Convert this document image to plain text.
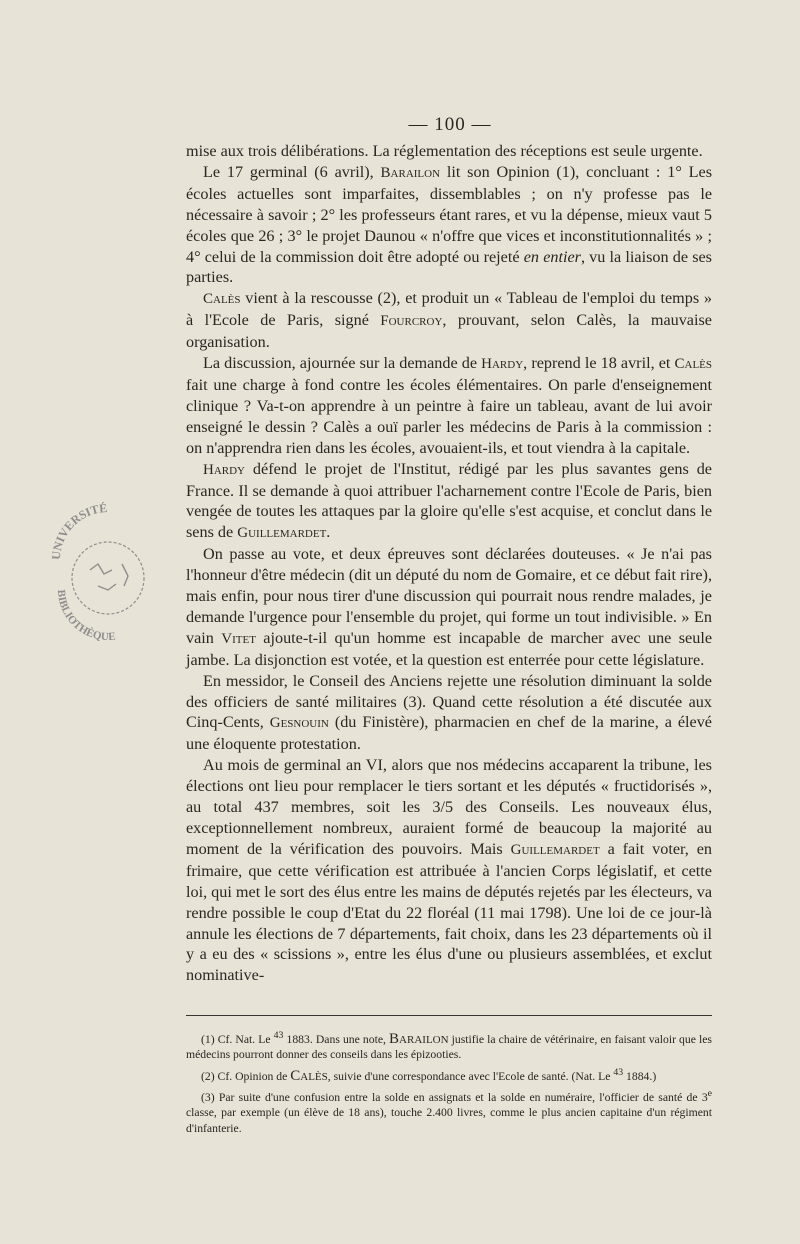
— 100 —

mise aux trois délibérations. La réglementation des réceptions est seule urgente.

Le 17 germinal (6 avril), Barailon lit son Opinion (1), concluant : 1° Les écoles actuelles sont imparfaites, dissemblables ; on n'y professe pas le nécessaire à savoir ; 2° les professeurs étant rares, et vu la dépense, mieux vaut 5 écoles que 26 ; 3° le projet Daunou « n'offre que vices et inconstitutionnalités » ; 4° celui de la commission doit être adopté ou rejeté en entier, vu la liaison de ses parties.

Calès vient à la rescousse (2), et produit un « Tableau de l'emploi du temps » à l'Ecole de Paris, signé Fourcroy, prouvant, selon Calès, la mauvaise organisation.

La discussion, ajournée sur la demande de Hardy, reprend le 18 avril, et Calès fait une charge à fond contre les écoles élémentaires. On parle d'enseignement clinique ? Va-t-on apprendre à un peintre à faire un tableau, avant de lui avoir enseigné le dessin ? Calès a ouï parler les médecins de Paris à la commission : on n'apprendra rien dans les écoles, avouaient-ils, et tout viendra à la capitale.

Hardy défend le projet de l'Institut, rédigé par les plus savantes gens de France. Il se demande à quoi attribuer l'acharnement contre l'Ecole de Paris, bien vengée de toutes les attaques par la gloire qu'elle s'est acquise, et conclut dans le sens de Guillemardet.

On passe au vote, et deux épreuves sont déclarées douteuses. « Je n'ai pas l'honneur d'être médecin (dit un député du nom de Gomaire, et ce début fait rire), mais enfin, pour nous tirer d'une discussion qui pourrait nous rendre malades, je demande l'urgence pour l'ensemble du projet, qui forme un tout indivisible. » En vain Vitet ajoute-t-il qu'un homme est incapable de marcher avec une seule jambe. La disjonction est votée, et la question est enterrée pour cette législature.

En messidor, le Conseil des Anciens rejette une résolution diminuant la solde des officiers de santé militaires (3). Quand cette résolution a été discutée aux Cinq-Cents, Gesnouin (du Finistère), pharmacien en chef de la marine, a élevé une éloquente protestation.

Au mois de germinal an VI, alors que nos médecins accaparent la tribune, les élections ont lieu pour remplacer le tiers sortant et les députés « fructidorisés », au total 437 membres, soit les 3/5 des Conseils. Les nouveaux élus, exceptionnellement nombreux, auraient formé de beaucoup la majorité au moment de la vérification des pouvoirs. Mais Guillemardet a fait voter, en frimaire, que cette vérification est attribuée à l'ancien Corps législatif, et cette loi, qui met le sort des élus entre les mains de députés rejetés par les électeurs, va rendre possible le coup d'Etat du 22 floréal (11 mai 1798). Une loi de ce jour-là annule les élections de 7 départements, fait choix, dans les 23 départements où il y a eu des « scissions », entre les élus d'une ou plusieurs assemblées, et exclut nominative-

(1) Cf. Nat. Le $^{43}$ 1883. Dans une note, Barailon justifie la chaire de vétérinaire, en faisant valoir que les médecins pourront donner des conseils dans les épizooties.

(2) Cf. Opinion de Calès, suivie d'une correspondance avec l'Ecole de santé. (Nat. Le $^{43}$ 1884.)

(3) Par suite d'une confusion entre la solde en assignats et la solde en numéraire, l'officier de santé de 3e classe, par exemple (un élève de 18 ans), touche 2.400 livres, comme le plus ancien capitaine d'un régiment d'infanterie.

UNIVERSITÉ
BIBLIOTHÈQUE
